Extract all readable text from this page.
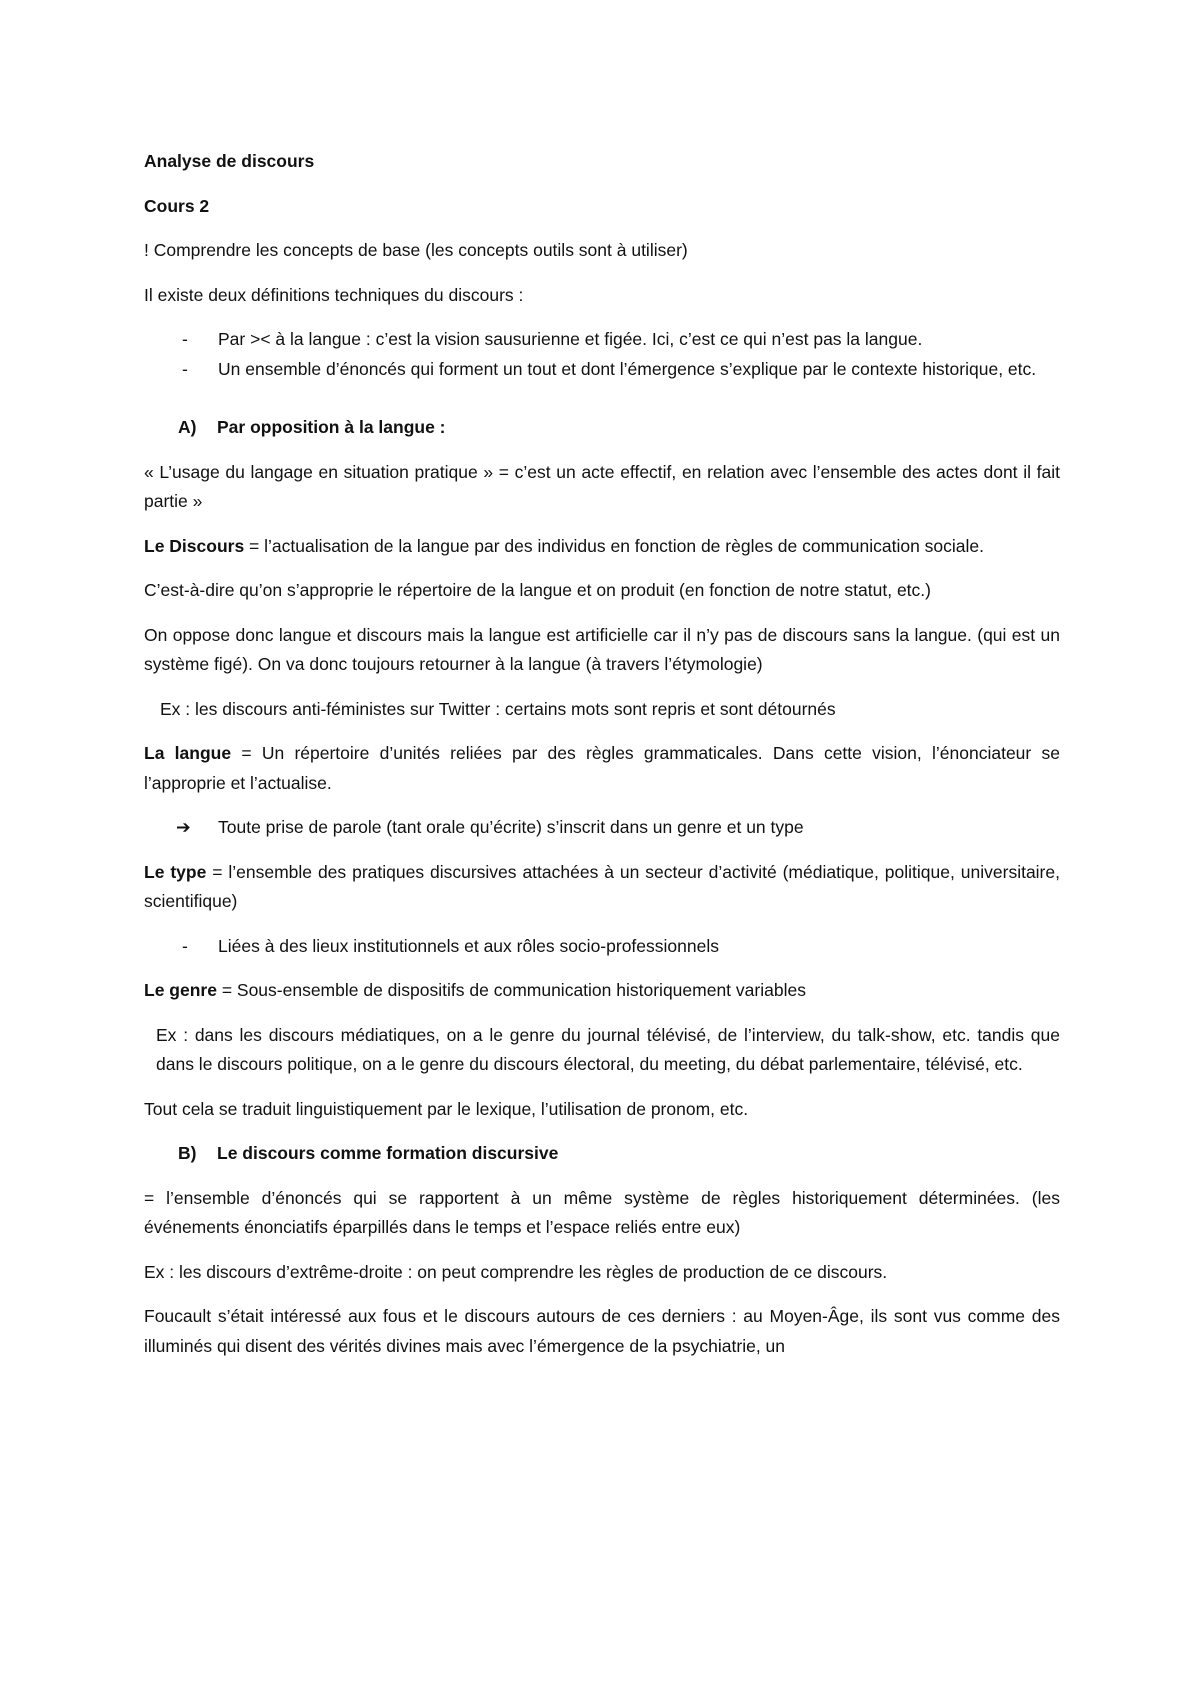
Analyse de discours

Cours 2

! Comprendre les concepts de base (les concepts outils sont à utiliser)

Il existe deux définitions techniques du discours :

- Par >< à la langue : c’est la vision sausurienne et figée. Ici, c’est ce qui n’est pas la langue.
- Un ensemble d’énoncés qui forment un tout et dont l’émergence s’explique par le contexte historique, etc.

A) Par opposition à la langue :

« L’usage du langage en situation pratique » = c’est un acte effectif, en relation avec l’ensemble des actes dont il fait partie »

Le Discours = l’actualisation de la langue par des individus en fonction de règles de communication sociale.

C’est-à-dire qu’on s’approprie le répertoire de la langue et on produit (en fonction de notre statut, etc.)

On oppose donc langue et discours mais la langue est artificielle car il n’y pas de discours sans la langue. (qui est un système figé). On va donc toujours retourner à la langue (à travers l’étymologie)

Ex : les discours anti-féministes sur Twitter : certains mots sont repris et sont détournés

La langue = Un répertoire d’unités reliées par des règles grammaticales. Dans cette vision, l’énonciateur se l’approprie et l’actualise.

➔ Toute prise de parole (tant orale qu’écrite) s’inscrit dans un genre et un type

Le type = l’ensemble des pratiques discursives attachées à un secteur d’activité (médiatique, politique, universitaire, scientifique)

- Liées à des lieux institutionnels et aux rôles socio-professionnels

Le genre = Sous-ensemble de dispositifs de communication historiquement variables

Ex : dans les discours médiatiques, on a le genre du journal télévisé, de l’interview, du talk-show, etc. tandis que dans le discours politique, on a le genre du discours électoral, du meeting, du débat parlementaire, télévisé, etc.

Tout cela se traduit linguistiquement par le lexique, l’utilisation de pronom, etc.

B) Le discours comme formation discursive

= l’ensemble d’énoncés qui se rapportent à un même système de règles historiquement déterminées. (les événements énonciatifs éparpillés dans le temps et l’espace reliés entre eux)

Ex : les discours d’extrême-droite : on peut comprendre les règles de production de ce discours.

Foucault s’était intéressé aux fous et le discours autours de ces derniers : au Moyen-Âge, ils sont vus comme des illuminés qui disent des vérités divines mais avec l’émergence de la psychiatrie, un
